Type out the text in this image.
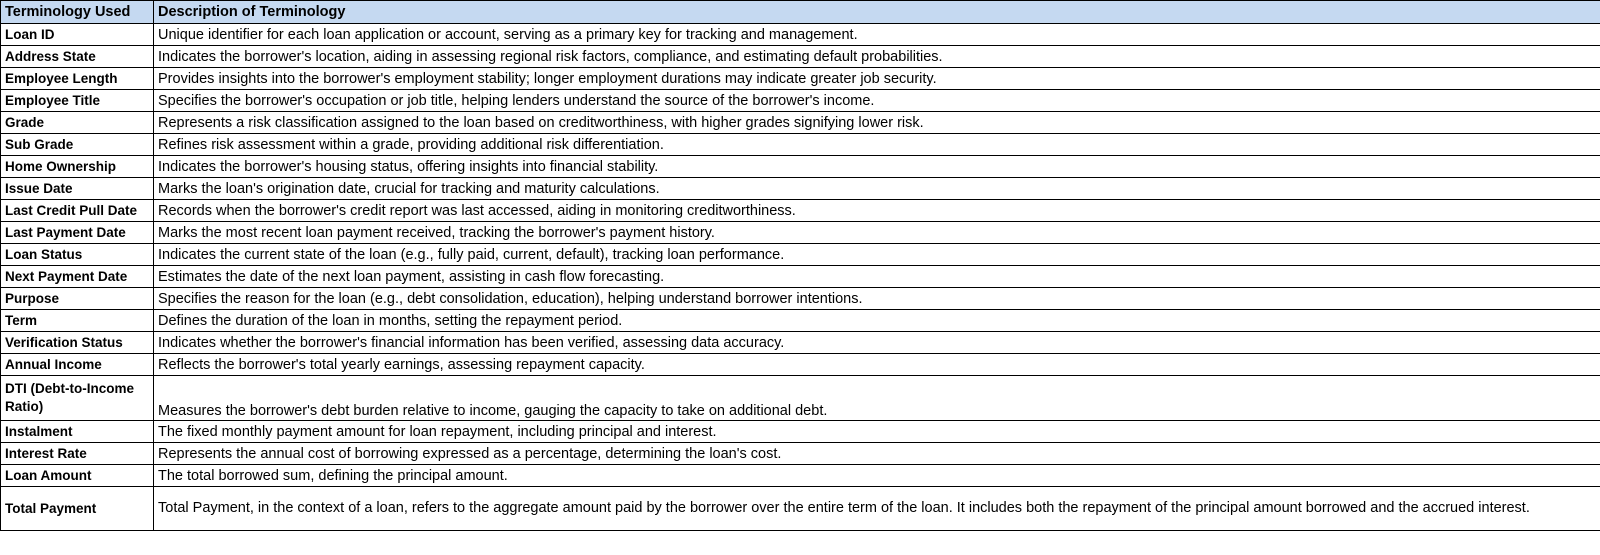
Terminology Used	Description of Terminology
Loan ID	Unique identifier for each loan application or account, serving as a primary key for tracking and management.
Address State	Indicates the borrower's location, aiding in assessing regional risk factors, compliance, and estimating default probabilities.
Employee Length	Provides insights into the borrower's employment stability; longer employment durations may indicate greater job security.
Employee Title	Specifies the borrower's occupation or job title, helping lenders understand the source of the borrower's income.
Grade	Represents a risk classification assigned to the loan based on creditworthiness, with higher grades signifying lower risk.
Sub Grade	Refines risk assessment within a grade, providing additional risk differentiation.
Home Ownership	Indicates the borrower's housing status, offering insights into financial stability.
Issue Date	Marks the loan's origination date, crucial for tracking and maturity calculations.
Last Credit Pull Date	Records when the borrower's credit report was last accessed, aiding in monitoring creditworthiness.
Last Payment Date	Marks the most recent loan payment received, tracking the borrower's payment history.
Loan Status	Indicates the current state of the loan (e.g., fully paid, current, default), tracking loan performance.
Next Payment Date	Estimates the date of the next loan payment, assisting in cash flow forecasting.
Purpose	Specifies the reason for the loan (e.g., debt consolidation, education), helping understand borrower intentions.
Term	Defines the duration of the loan in months, setting the repayment period.
Verification Status	Indicates whether the borrower's financial information has been verified, assessing data accuracy.
Annual Income	Reflects the borrower's total yearly earnings, assessing repayment capacity.
DTI (Debt-to-Income Ratio)	Measures the borrower's debt burden relative to income, gauging the capacity to take on additional debt.
Instalment	The fixed monthly payment amount for loan repayment, including principal and interest.
Interest Rate	Represents the annual cost of borrowing expressed as a percentage, determining the loan's cost.
Loan Amount	The total borrowed sum, defining the principal amount.
Total Payment	Total Payment, in the context of a loan, refers to the aggregate amount paid by the borrower over the entire term of the loan. It includes both the repayment of the principal amount borrowed and the accrued interest.
